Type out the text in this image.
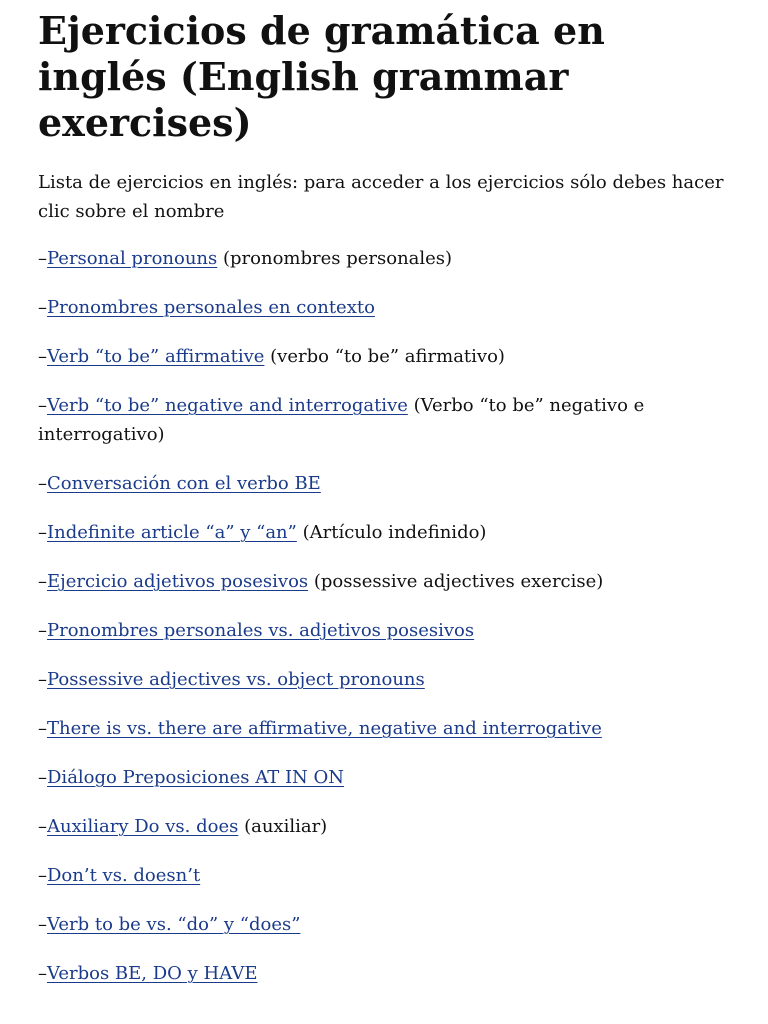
Ejercicios de gramática en inglés (English grammar exercises)

Lista de ejercicios en inglés: para acceder a los ejercicios sólo debes hacer clic sobre el nombre

–Personal pronouns (pronombres personales)
–Pronombres personales en contexto
–Verb “to be” affirmative (verbo “to be” afirmativo)
–Verb “to be” negative and interrogative (Verbo “to be” negativo e interrogativo)
–Conversación con el verbo BE
–Indefinite article “a” y “an” (Artículo indefinido)
–Ejercicio adjetivos posesivos (possessive adjectives exercise)
–Pronombres personales vs. adjetivos posesivos
–Possessive adjectives vs. object pronouns
–There is vs. there are affirmative, negative and interrogative
–Diálogo Preposiciones AT IN ON
–Auxiliary Do vs. does (auxiliar)
–Don’t vs. doesn’t
–Verb to be vs. “do” y “does”
–Verbos BE, DO y HAVE
